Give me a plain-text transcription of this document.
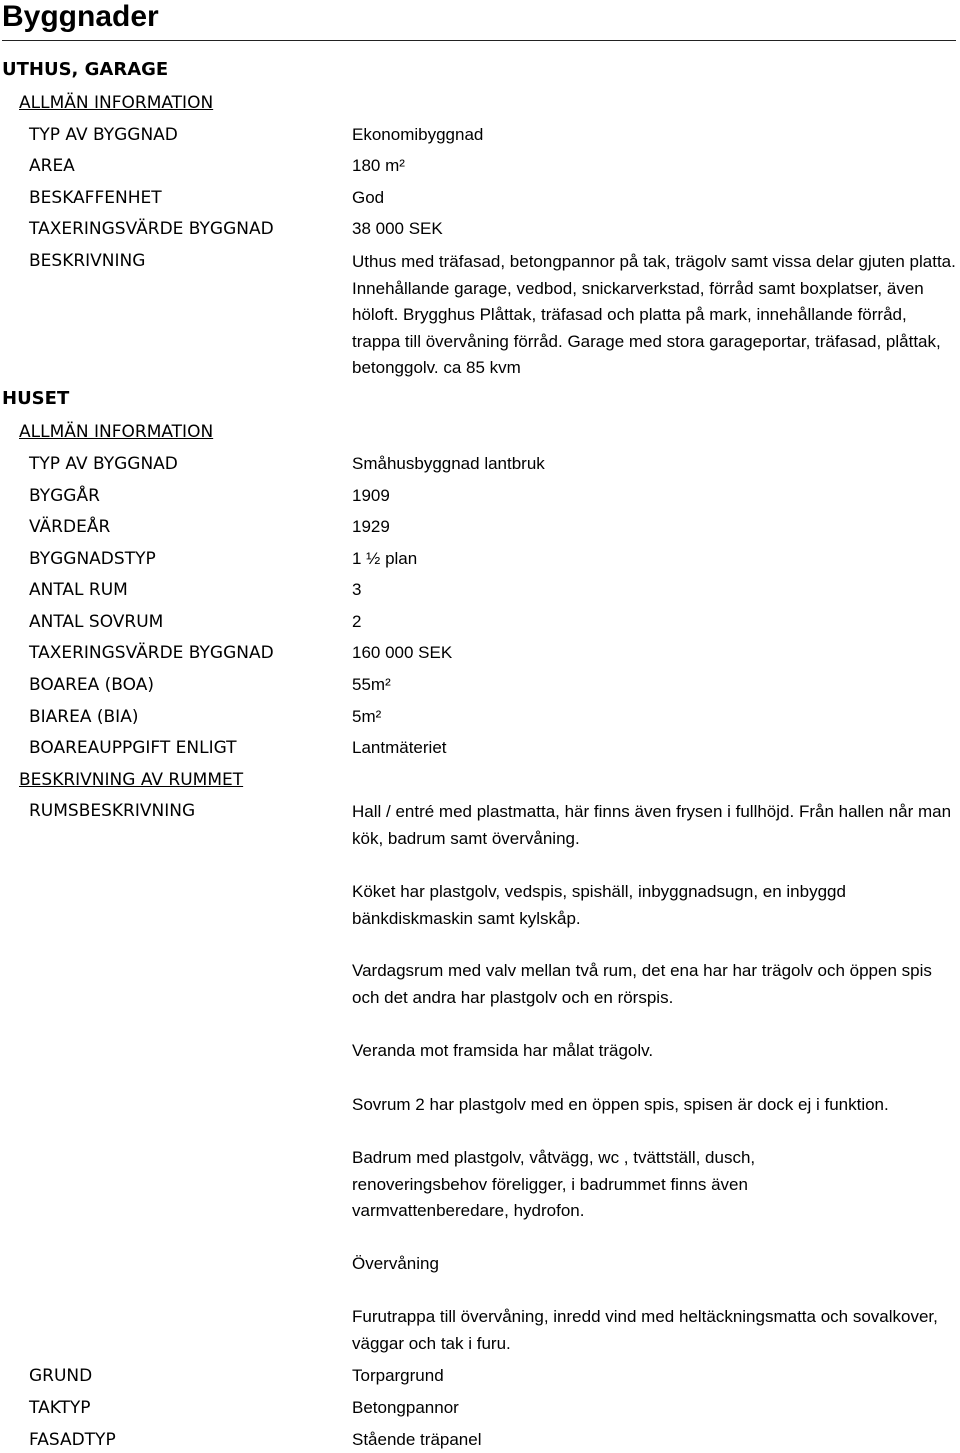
Byggnader
UTHUS, GARAGE
ALLMÄN INFORMATION
TYP AV BYGGNAD	Ekonomibyggnad
AREA	180 m²
BESKAFFENHET	God
TAXERINGSVÄRDE BYGGNAD	38 000 SEK
BESKRIVNING	Uthus med träfasad, betongpannor på tak, trägolv samt vissa delar gjuten platta. Innehållande garage, vedbod, snickarverkstad, förråd samt boxplatser, även höloft. Brygghus Plåttak, träfasad och platta på mark, innehållande förråd, trappa till övervåning förråd. Garage med stora garageportar, träfasad, plåttak, betonggolv. ca 85 kvm

HUSET
ALLMÄN INFORMATION
TYP AV BYGGNAD	Småhusbyggnad lantbruk
BYGGÅR	1909
VÄRDEÅR	1929
BYGGNADSTYP	1 ½ plan
ANTAL RUM	3
ANTAL SOVRUM	2
TAXERINGSVÄRDE BYGGNAD	160 000 SEK
BOAREA (BOA)	55m²
BIAREA (BIA)	5m²
BOAREAUPPGIFT ENLIGT	Lantmäteriet
BESKRIVNING AV RUMMET
RUMSBESKRIVNING	Hall / entré med plastmatta, här finns även frysen i fullhöjd. Från hallen når man kök, badrum samt övervåning.

Köket har plastgolv, vedspis, spishäll, inbyggnadsugn, en inbyggd bänkdiskmaskin samt kylskåp.

Vardagsrum med valv mellan två rum, det ena har har trägolv och öppen spis och det andra har plastgolv och en rörspis.

Veranda mot framsida har målat trägolv.

Sovrum 2 har plastgolv med en öppen spis, spisen är dock ej i funktion.

Badrum med plastgolv, våtvägg, wc , tvättställ, dusch, renoveringsbehov föreligger, i badrummet finns även varmvattenberedare, hydrofon.

Övervåning

Furutrappa till övervåning, inredd vind med heltäckningsmatta och sovalkover, väggar och tak i furu.

GRUND	Torpargrund
TAKTYP	Betongpannor
FASADTYP	Stående träpanel
